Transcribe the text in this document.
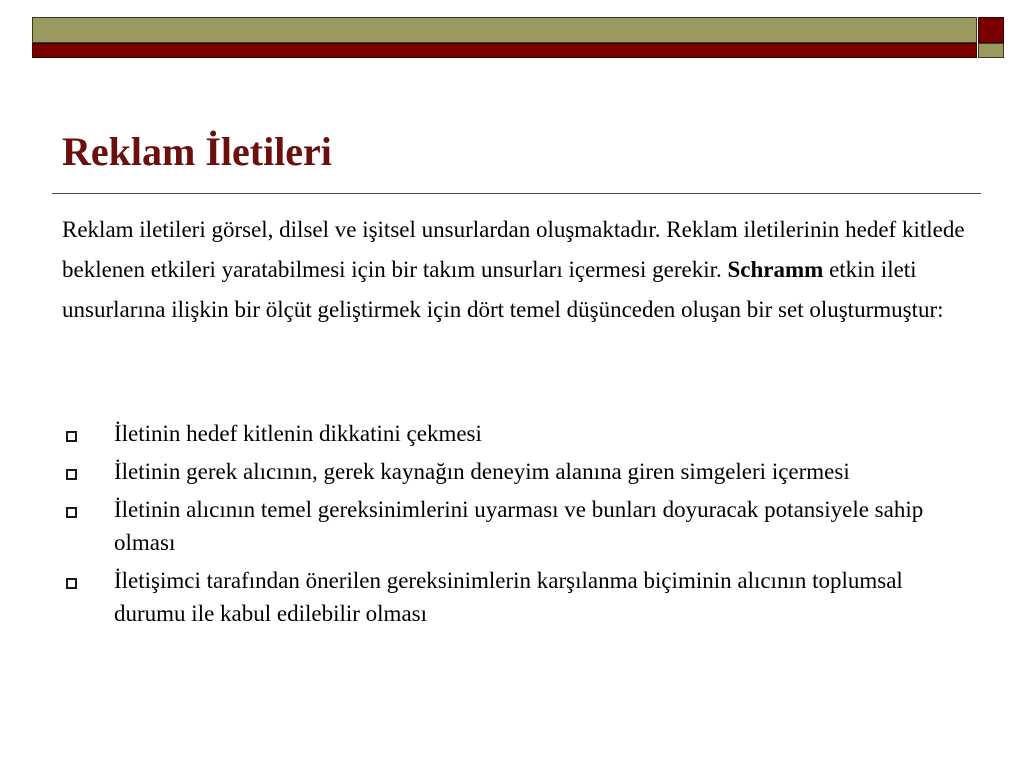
Reklam İletileri

Reklam iletileri görsel, dilsel ve işitsel unsurlardan oluşmaktadır. Reklam iletilerinin hedef kitlede beklenen etkileri yaratabilmesi için bir takım unsurları içermesi gerekir. Schramm etkin ileti unsurlarına ilişkin bir ölçüt geliştirmek için dört temel düşünceden oluşan bir set oluşturmuştur:

İletinin hedef kitlenin dikkatini çekmesi
İletinin gerek alıcının, gerek kaynağın deneyim alanına giren simgeleri içermesi
İletinin alıcının temel gereksinimlerini uyarması ve bunları doyuracak potansiyele sahip olması
İletişimci tarafından önerilen gereksinimlerin karşılanma biçiminin alıcının toplumsal durumu ile kabul edilebilir olması
